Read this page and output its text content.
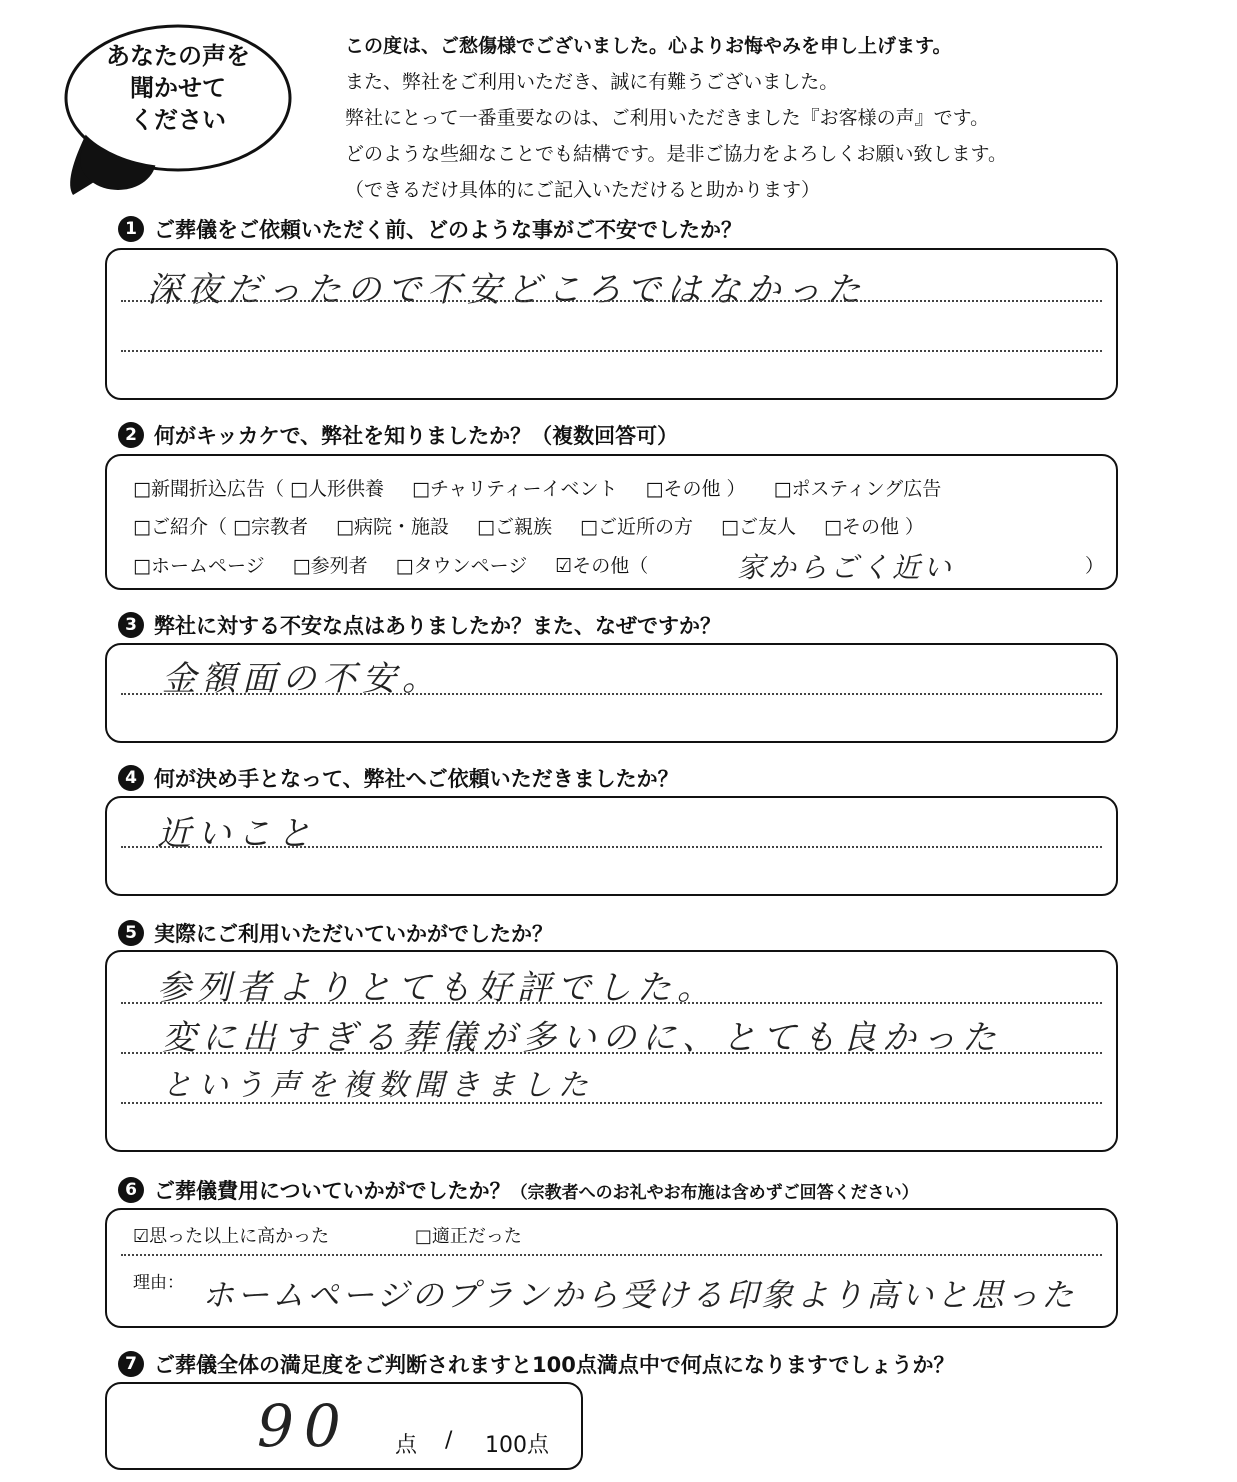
あなたの声を
聞かせて
ください
この度は、ご愁傷様でございました。心よりお悔やみを申し上げます。
また、弊社をご利用いただき、誠に有難うございました。
弊社にとって一番重要なのは、ご利用いただきました『お客様の声』です。
どのような些細なことでも結構です。是非ご協力をよろしくお願い致します。
（できるだけ具体的にご記入いただけると助かります）
1 ご葬儀をご依頼いただく前、どのような事がご不安でしたか？
深夜だったので不安どころではなかった
2 何がキッカケで、弊社を知りましたか？（複数回答可）
□新聞折込広告（ □人形供養 □チャリティーイベント □その他 ） □ポスティング広告
□ご紹介（ □宗教者 □病院・施設 □ご親族 □ご近所の方 □ご友人 □その他 ）
□ホームページ □参列者 □タウンページ ☑その他（	家からごく近い	）
3 弊社に対する不安な点はありましたか？また、なぜですか？
金額面の不安。
4 何が決め手となって、弊社へご依頼いただきましたか？
近いこと
5 実際にご利用いただいていかがでしたか？
参列者よりとても好評でした。
変に出すぎる葬儀が多いのに、とても良かった
という声を複数聞きました
6 ご葬儀費用についていかがでしたか？ （宗教者へのお礼やお布施は含めずご回答ください）
☑思った以上に高かった	□適正だった
理由： ホームページのプランから受ける印象より高いと思った
7 ご葬儀全体の満足度をご判断されますと100点満点中で何点になりますでしょうか？
90 点 / 100点
